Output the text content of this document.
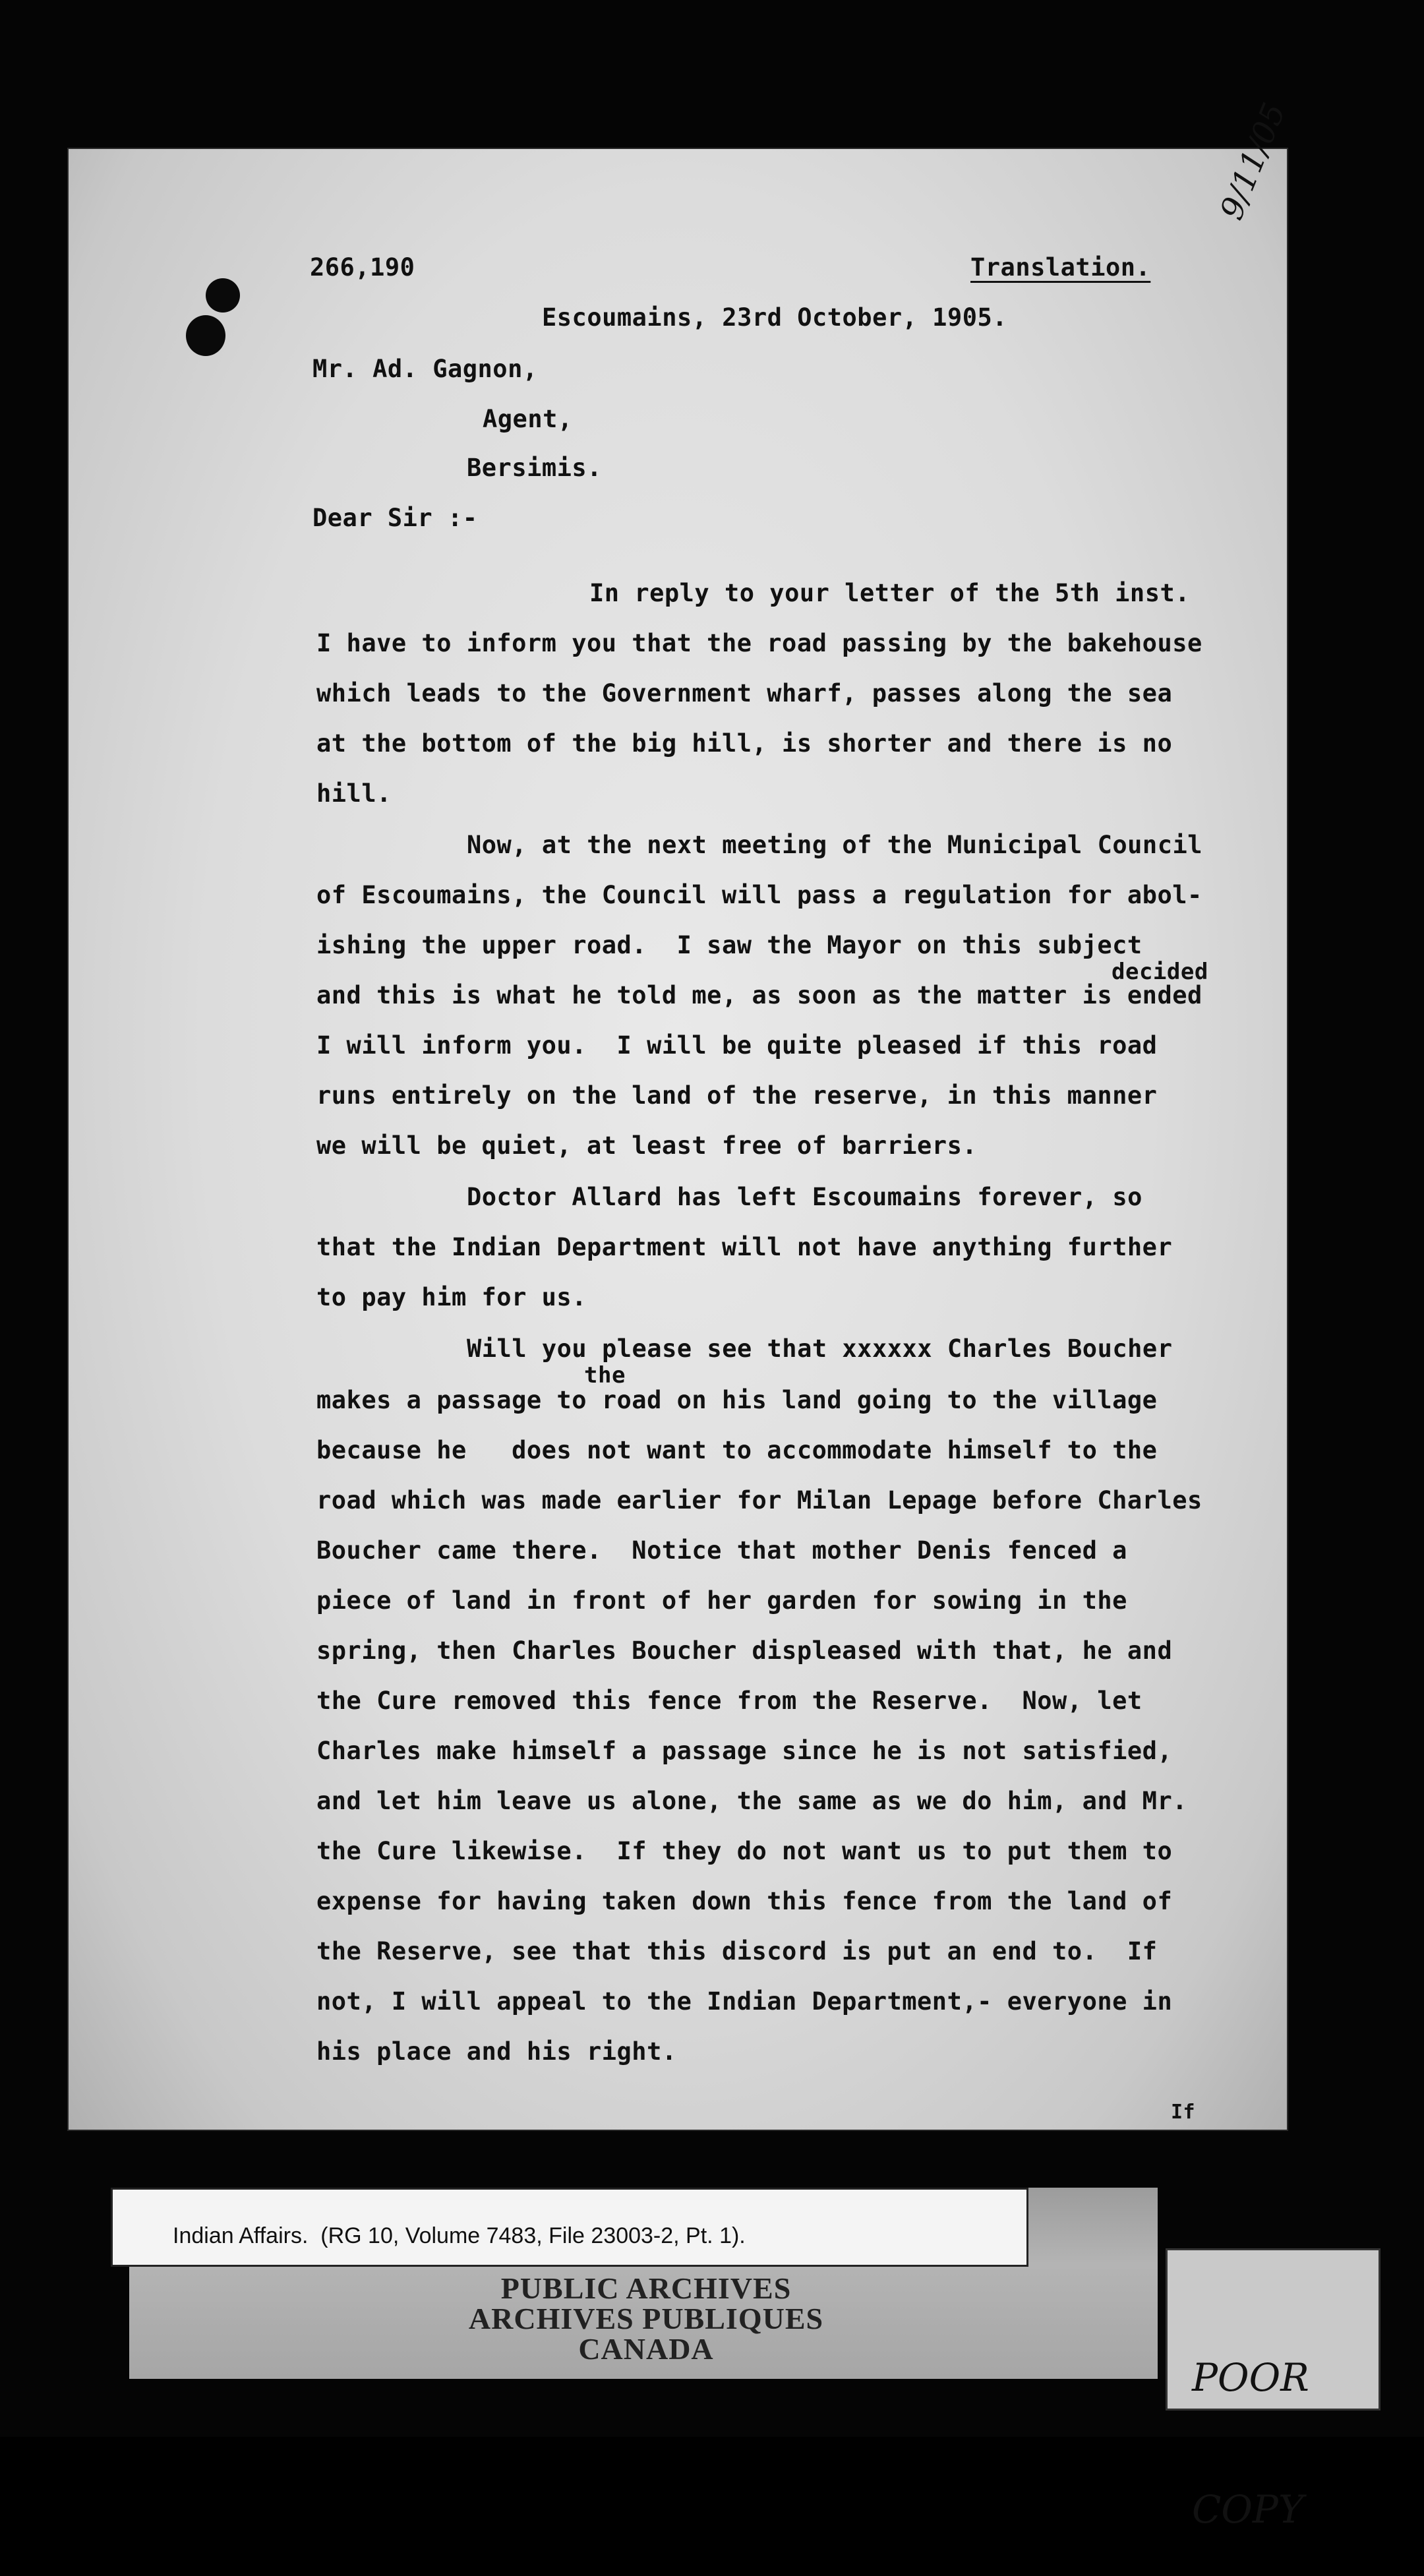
9/11/05
266,190	Translation.
Escoumains, 23rd October, 1905.
Mr. Ad. Gagnon,
Agent,
Bersimis.
Dear Sir :-
In reply to your letter of the 5th inst.
I have to inform you that the road passing by the bakehouse
which leads to the Government wharf, passes along the sea
at the bottom of the big hill, is shorter and there is no
hill.
Now, at the next meeting of the Municipal Council
of Escoumains, the Council will pass a regulation for abol-
ishing the upper road.  I saw the Mayor on this subject
decided
and this is what he told me, as soon as the matter is ended
I will inform you.  I will be quite pleased if this road
runs entirely on the land of the reserve, in this manner
we will be quiet, at least free of barriers.
Doctor Allard has left Escoumains forever, so
that the Indian Department will not have anything further
to pay him for us.
Will you please see that xxxxxx Charles Boucher
the
makes a passage to road on his land going to the village
because he   does not want to accommodate himself to the
road which was made earlier for Milan Lepage before Charles
Boucher came there.  Notice that mother Denis fenced a
piece of land in front of her garden for sowing in the
spring, then Charles Boucher displeased with that, he and
the Cure removed this fence from the Reserve.  Now, let
Charles make himself a passage since he is not satisfied,
and let him leave us alone, the same as we do him, and Mr.
the Cure likewise.  If they do not want us to put them to
expense for having taken down this fence from the land of
the Reserve, see that this discord is put an end to.  If
not, I will appeal to the Indian Department,- everyone in
his place and his right.
If
Indian Affairs.  (RG 10, Volume 7483, File 23003-2, Pt. 1).
PUBLIC ARCHIVES
ARCHIVES PUBLIQUES
CANADA

POOR

COPY
